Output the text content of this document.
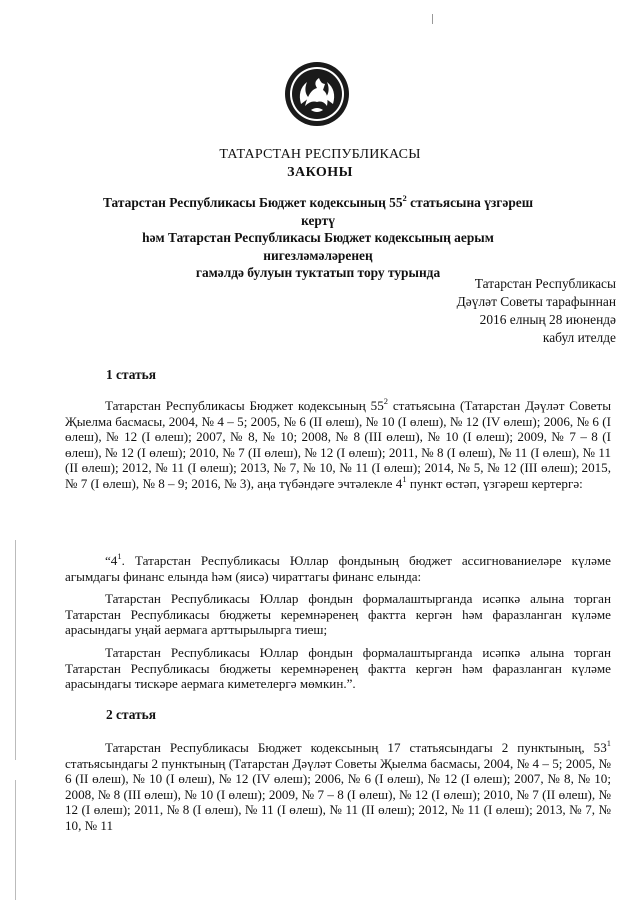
ТАТАРСТАН РЕСПУБЛИКАСЫ
ЗАКОНЫ
Татарстан Республикасы Бюджет кодексының $55^2$ статьясына үзгәреш кертү
һәм Татарстан Республикасы Бюджет кодексының аерым нигезләмәләренең
гамәлдә булуын туктатып тору турында
Татарстан Республикасы
Дәүләт Советы тарафыннан
2016 елның 28 июнендә
кабул ителде
1 статья
Татарстан Республикасы Бюджет кодексының $55^2$ статьясына (Татарстан Дәүләт Советы Җыелма басмасы, 2004, № 4 – 5; 2005, № 6 (II өлеш), № 10 (I өлеш), № 12 (IV өлеш); 2006, № 6 (I өлеш), № 12 (I өлеш); 2007, № 8, № 10; 2008, № 8 (III өлеш), № 10 (I өлеш); 2009, № 7 – 8 (I өлеш), № 12 (I өлеш); 2010, № 7 (II өлеш), № 12 (I өлеш); 2011, № 8 (I өлеш), № 11 (I өлеш), № 11 (II өлеш); 2012, № 11 (I өлеш); 2013, № 7, № 10, № 11 (I өлеш); 2014, № 5, № 12 (III өлеш); 2015, № 7 (I өлеш), № 8 – 9; 2016, № 3), аңа түбәндәге эчтәлекле $4^1$ пункт өстәп, үзгәреш кертергә:
“$4^1$. Татарстан Республикасы Юллар фондының бюджет ассигнованиеләре күләме агымдагы финанс елында һәм (яисә) чираттагы финанс елында:
Татарстан Республикасы Юллар фондын формалаштырганда исәпкә алына торган Татарстан Республикасы бюджеты керемнәренең фактта кергән һәм фаразланган күләме арасындагы уңай аермага арттырылырга тиеш;
Татарстан Республикасы Юллар фондын формалаштырганда исәпкә алына торган Татарстан Республикасы бюджеты керемнәренең фактта кергән һәм фаразланган күләме арасындагы тискәре аермага киметелергә мөмкин.”.
2 статья
Татарстан Республикасы Бюджет кодексының 17 статьясындагы 2 пунктының, $53^1$ статьясындагы 2 пунктының (Татарстан Дәүләт Советы Җыелма басмасы, 2004, № 4 – 5; 2005, № 6 (II өлеш), № 10 (I өлеш), № 12 (IV өлеш); 2006, № 6 (I өлеш), № 12 (I өлеш); 2007, № 8, № 10; 2008, № 8 (III өлеш), № 10 (I өлеш); 2009, № 7 – 8 (I өлеш), № 12 (I өлеш); 2010, № 7 (II өлеш), № 12 (I өлеш); 2011, № 8 (I өлеш), № 11 (I өлеш), № 11 (II өлеш); 2012, № 11 (I өлеш); 2013, № 7, № 10, № 11
